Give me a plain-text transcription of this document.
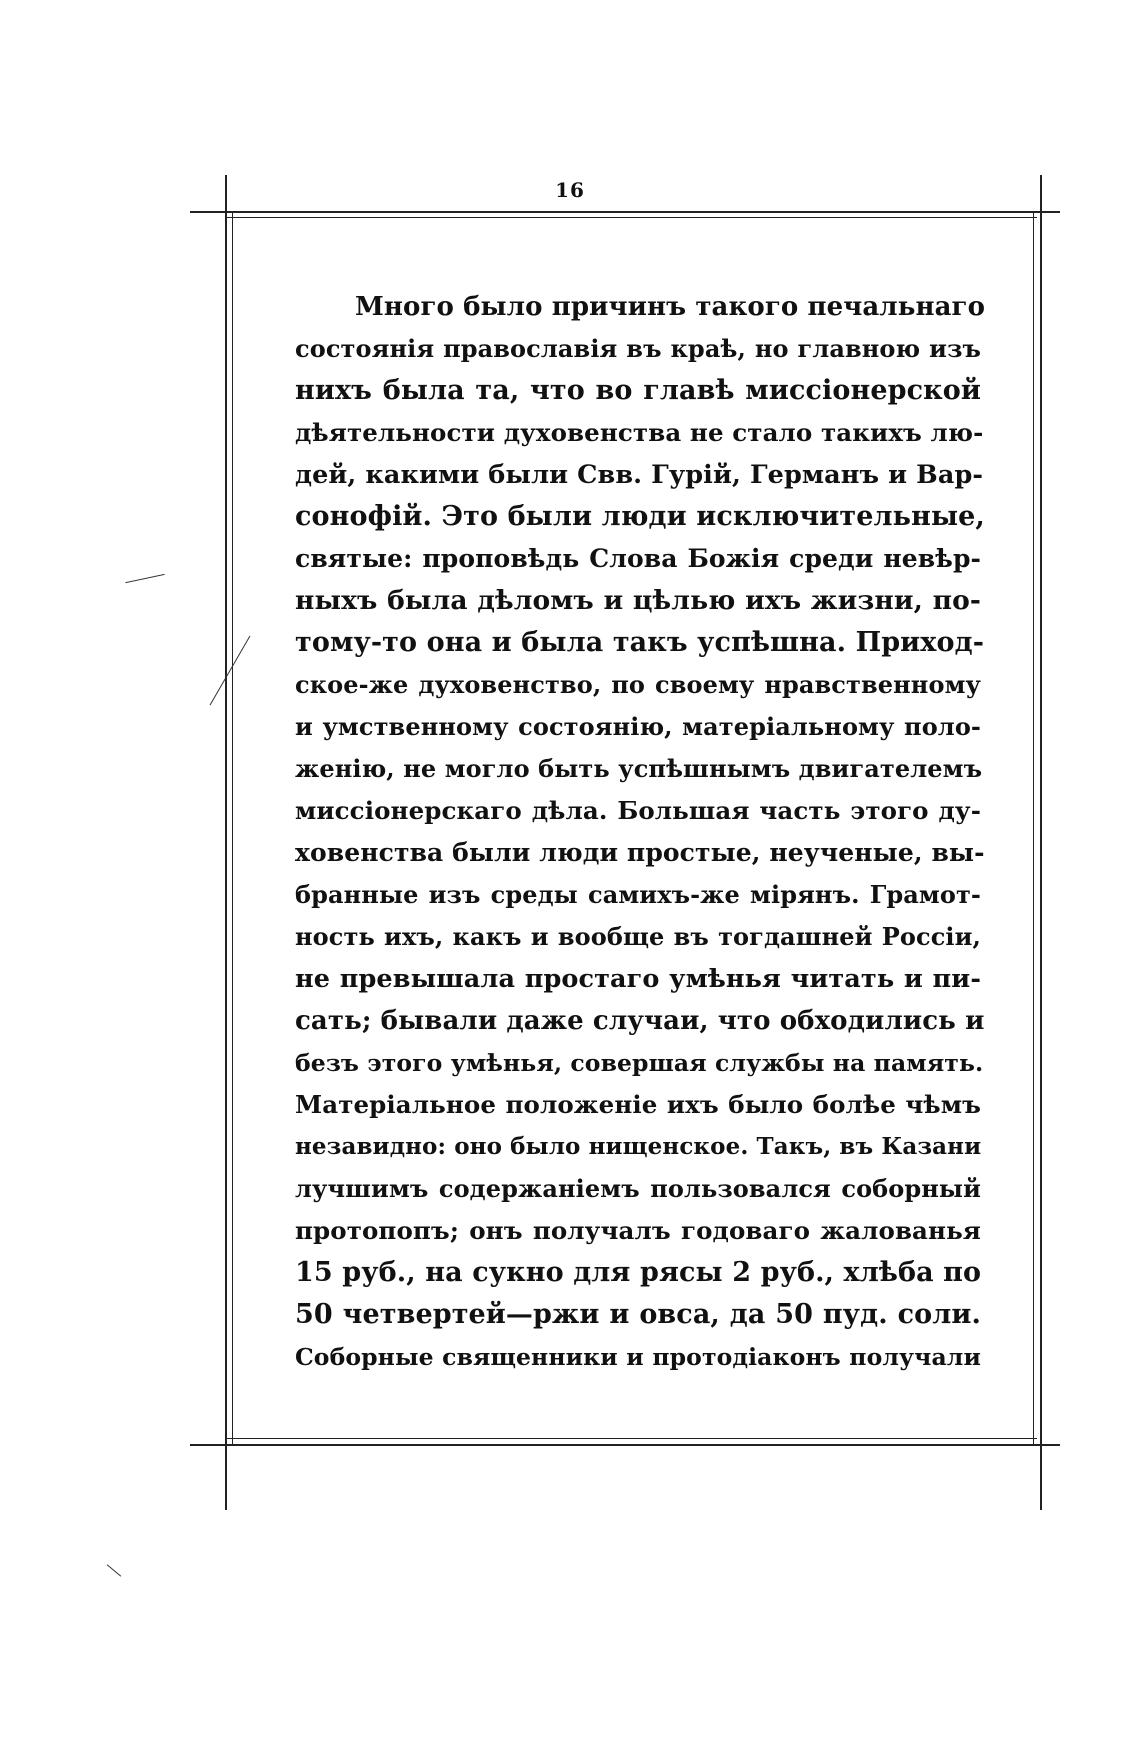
16
Много было причинъ такого печальнаго
состоянія православія въ краѣ, но главною изъ
нихъ была та, что во главѣ миссіонерской
дѣятельности духовенства не стало такихъ лю-
дей, какими были Свв. Гурій, Германъ и Вар-
сонофій. Это были люди исключительные,
святые: проповѣдь Слова Божія среди невѣр-
ныхъ была дѣломъ и цѣлью ихъ жизни, по-
тому-то она и была такъ успѣшна. Приход-
ское-же духовенство, по своему нравственному
и умственному состоянію, матеріальному поло-
женію, не могло быть успѣшнымъ двигателемъ
миссіонерскаго дѣла. Большая часть этого ду-
ховенства были люди простые, неученые, вы-
бранные изъ среды самихъ-же мірянъ. Грамот-
ность ихъ, какъ и вообще въ тогдашней Россіи,
не превышала простаго умѣнья читать и пи-
сать; бывали даже случаи, что обходились и
безъ этого умѣнья, совершая службы на память.
Матеріальное положеніе ихъ было болѣе чѣмъ
незавидно: оно было нищенское. Такъ, въ Казани
лучшимъ содержаніемъ пользовался соборный
протопопъ; онъ получалъ годоваго жалованья
15 руб., на сукно для рясы 2 руб., хлѣба по
50 четвертей—ржи и овса, да 50 пуд. соли.
Соборные священники и протодіаконъ получали
